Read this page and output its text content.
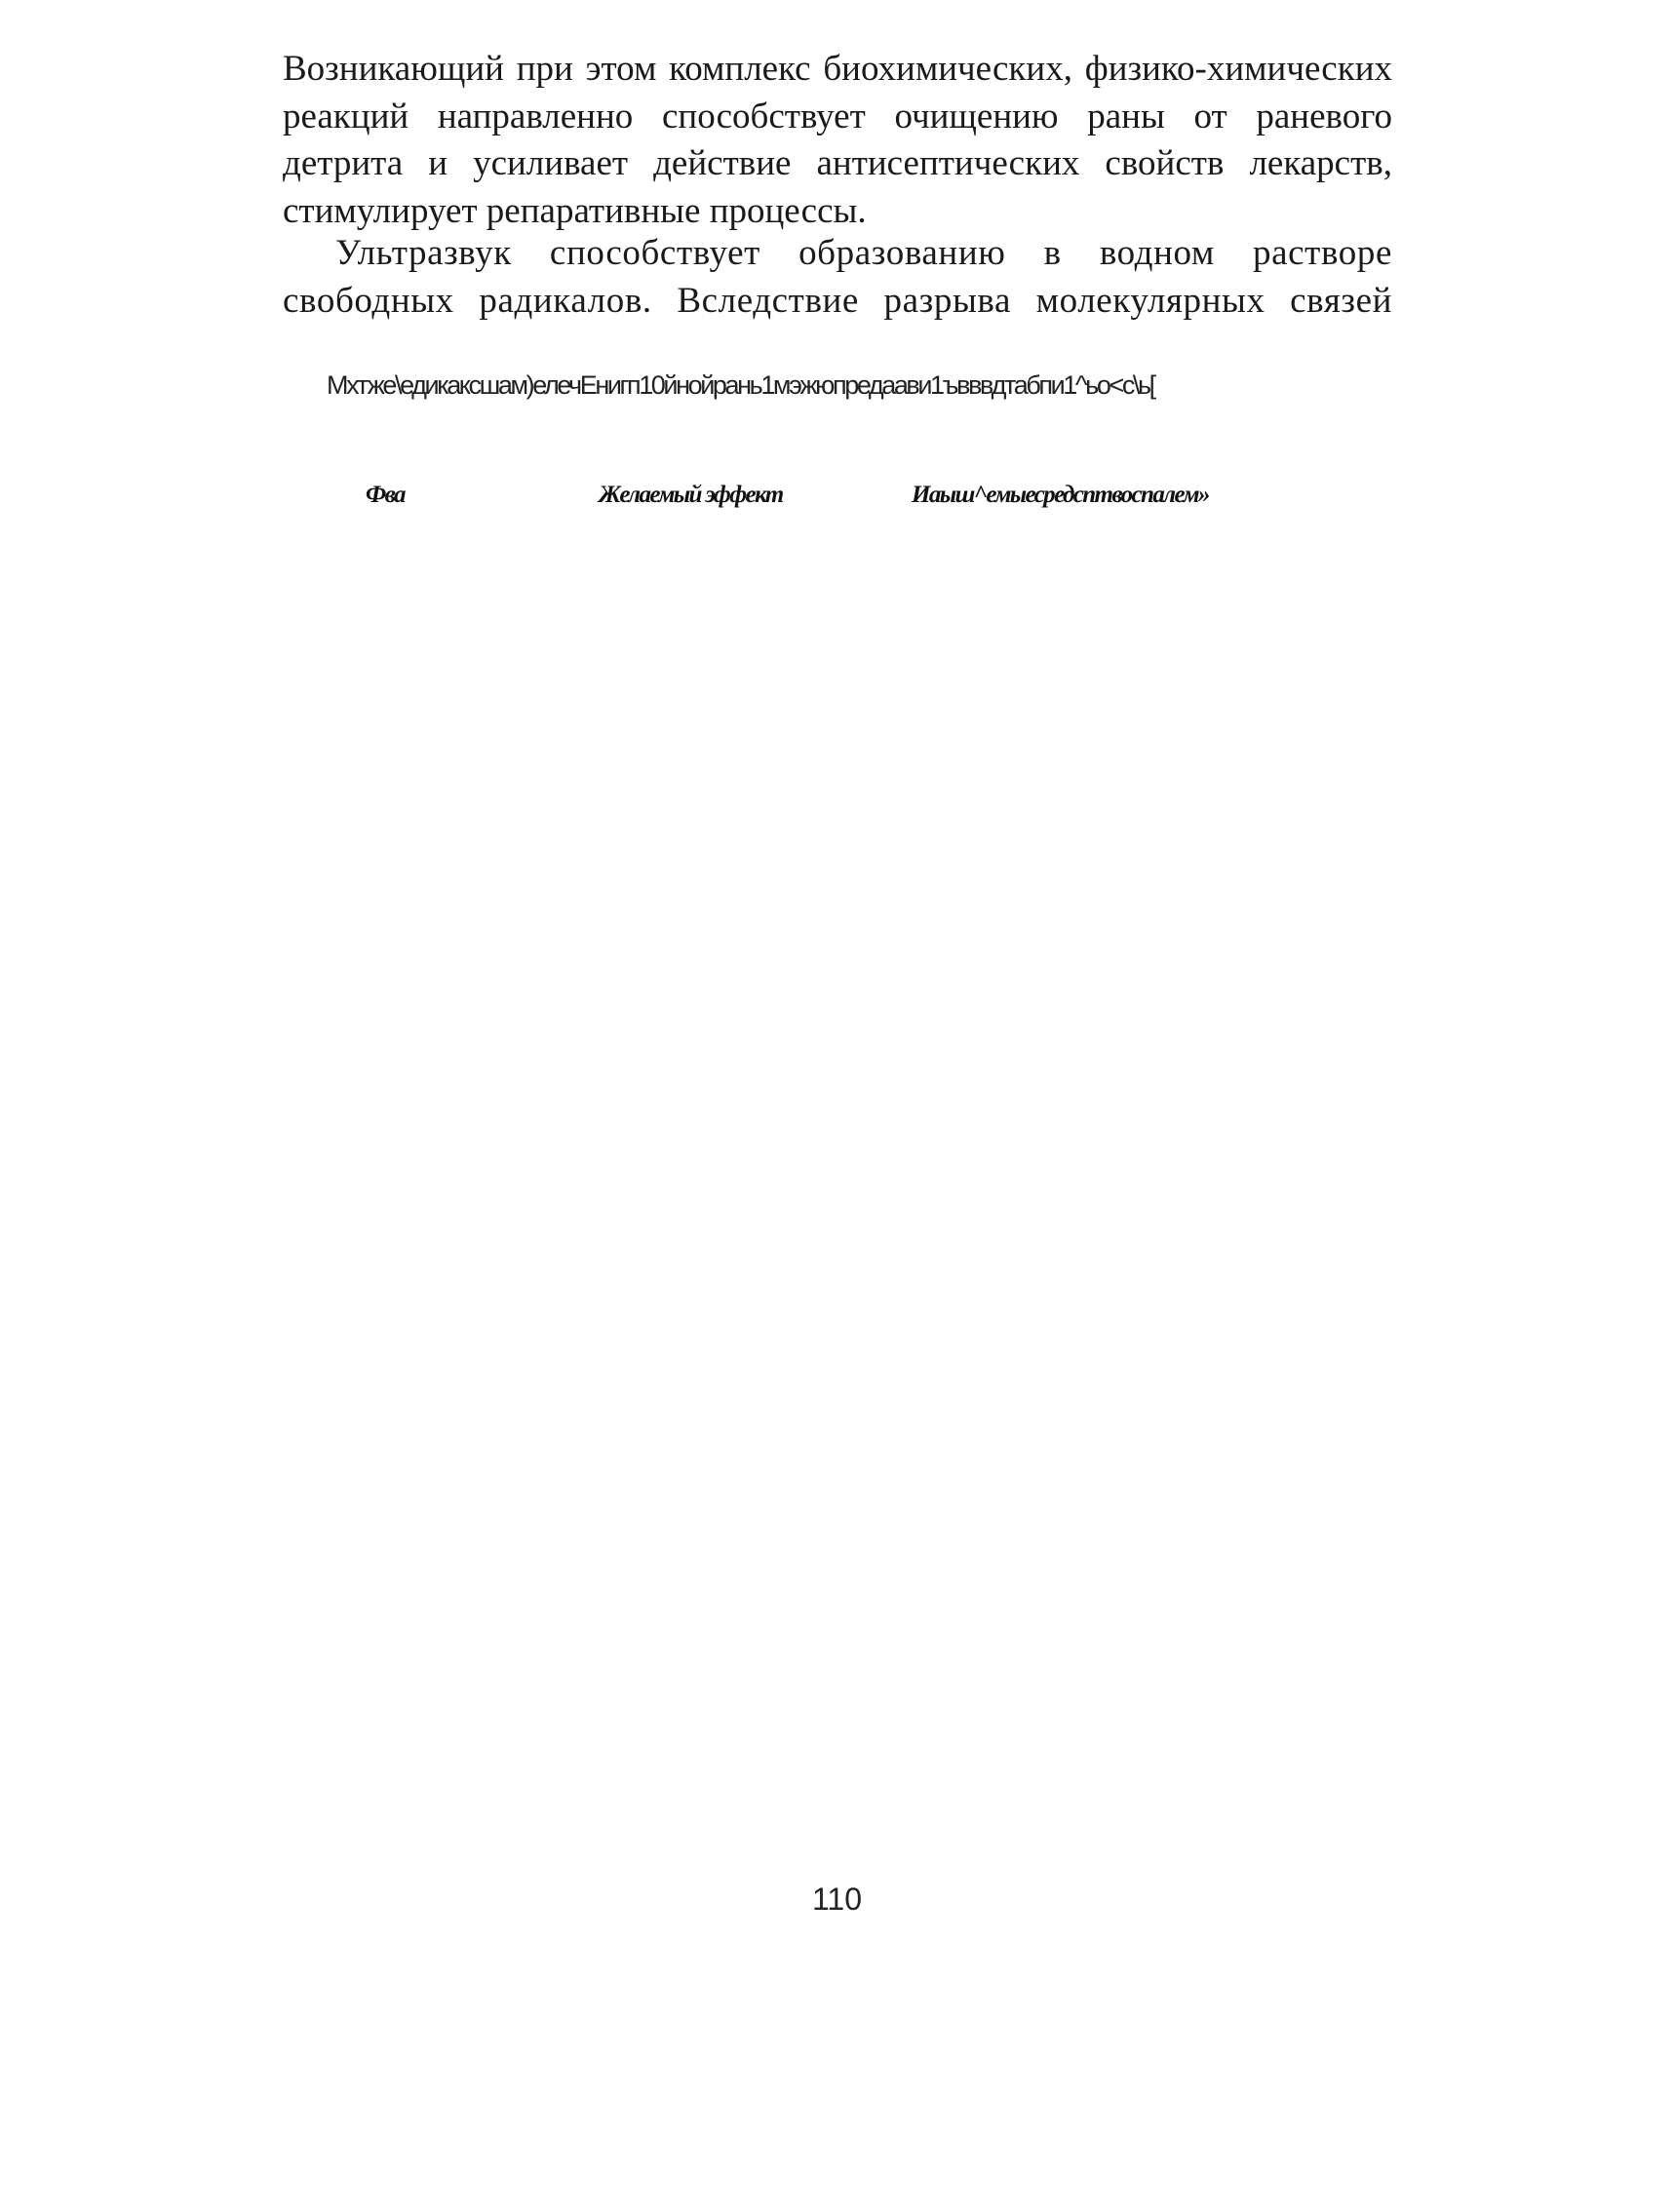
Возникающий при этом комплекс биохимических, физико-химических реакций направленно способствует очищению раны от раневого детрита и усиливает действие антисептических свойств лекарств, стимулирует репаративные процессы.

Ультразвук способствует образованию в водном растворе свободных радикалов. Вследствие разрыва молекулярных связей

Мхтже\едикаксшам)елечЕнигп10йнойрань1мэжюпредаави1ъвввдтабпи1^ьо<с\ь[

Фва	Желаемый эффект	Иаыш^емыесредсптвоспалем»
110
